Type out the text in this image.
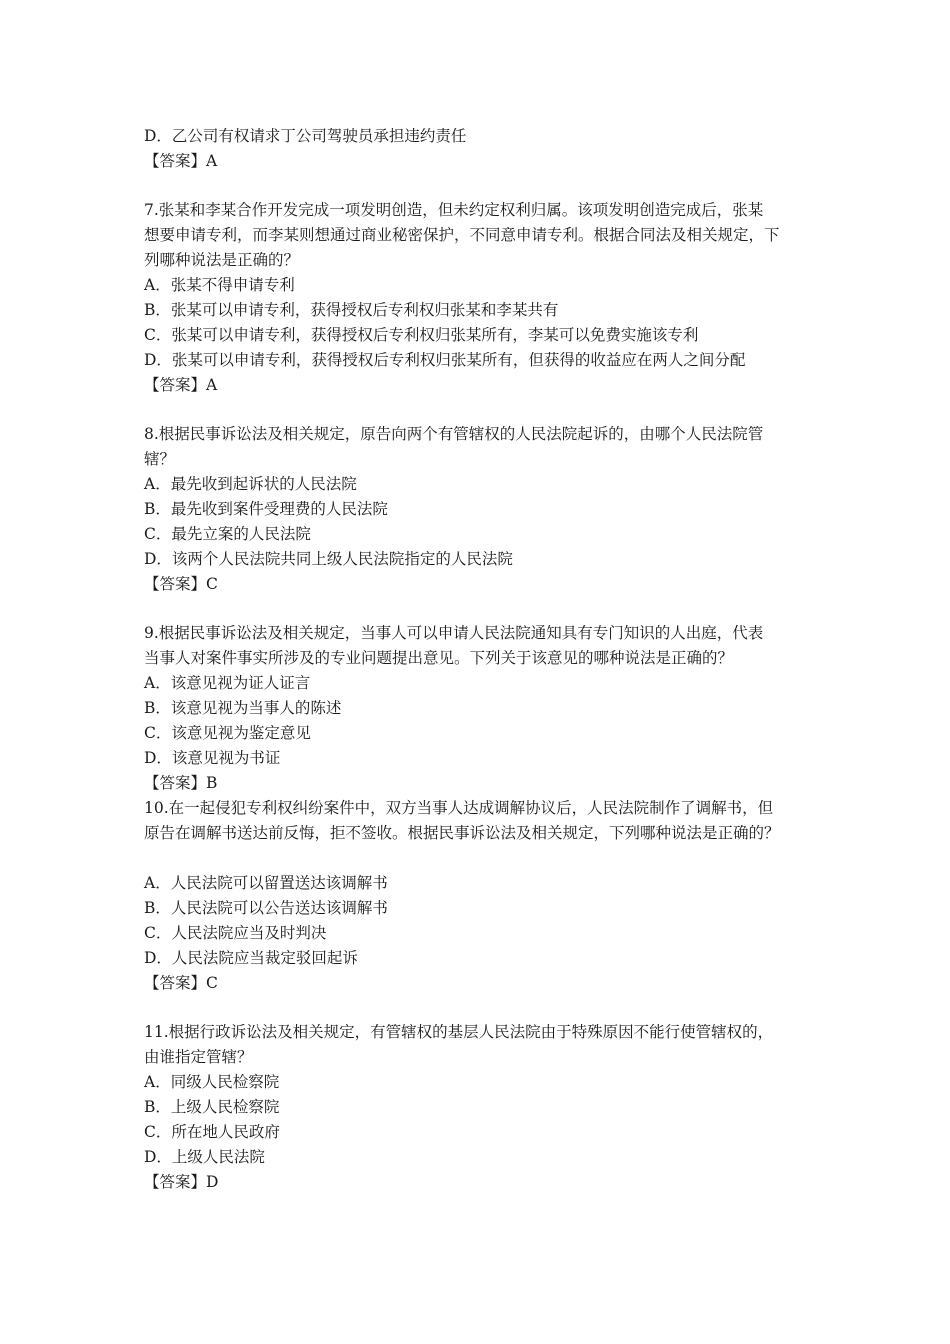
D．乙公司有权请求丁公司驾驶员承担违约责任
【答案】A
7.张某和李某合作开发完成一项发明创造，但未约定权利归属。该项发明创造完成后，张某
想要申请专利，而李某则想通过商业秘密保护，不同意申请专利。根据合同法及相关规定，下
列哪种说法是正确的？
A．张某不得申请专利
B．张某可以申请专利，获得授权后专利权归张某和李某共有
C．张某可以申请专利，获得授权后专利权归张某所有，李某可以免费实施该专利
D．张某可以申请专利，获得授权后专利权归张某所有，但获得的收益应在两人之间分配
【答案】A
8.根据民事诉讼法及相关规定，原告向两个有管辖权的人民法院起诉的，由哪个人民法院管
辖？
A．最先收到起诉状的人民法院
B．最先收到案件受理费的人民法院
C．最先立案的人民法院
D．该两个人民法院共同上级人民法院指定的人民法院
【答案】C
9.根据民事诉讼法及相关规定，当事人可以申请人民法院通知具有专门知识的人出庭，代表
当事人对案件事实所涉及的专业问题提出意见。下列关于该意见的哪种说法是正确的？
A．该意见视为证人证言
B．该意见视为当事人的陈述
C．该意见视为鉴定意见
D．该意见视为书证
【答案】B
10.在一起侵犯专利权纠纷案件中，双方当事人达成调解协议后，人民法院制作了调解书，但
原告在调解书送达前反悔，拒不签收。根据民事诉讼法及相关规定，下列哪种说法是正确的？
A．人民法院可以留置送达该调解书
B．人民法院可以公告送达该调解书
C．人民法院应当及时判决
D．人民法院应当裁定驳回起诉
【答案】C
11.根据行政诉讼法及相关规定，有管辖权的基层人民法院由于特殊原因不能行使管辖权的，
由谁指定管辖？
A．同级人民检察院
B．上级人民检察院
C．所在地人民政府
D．上级人民法院
【答案】D
